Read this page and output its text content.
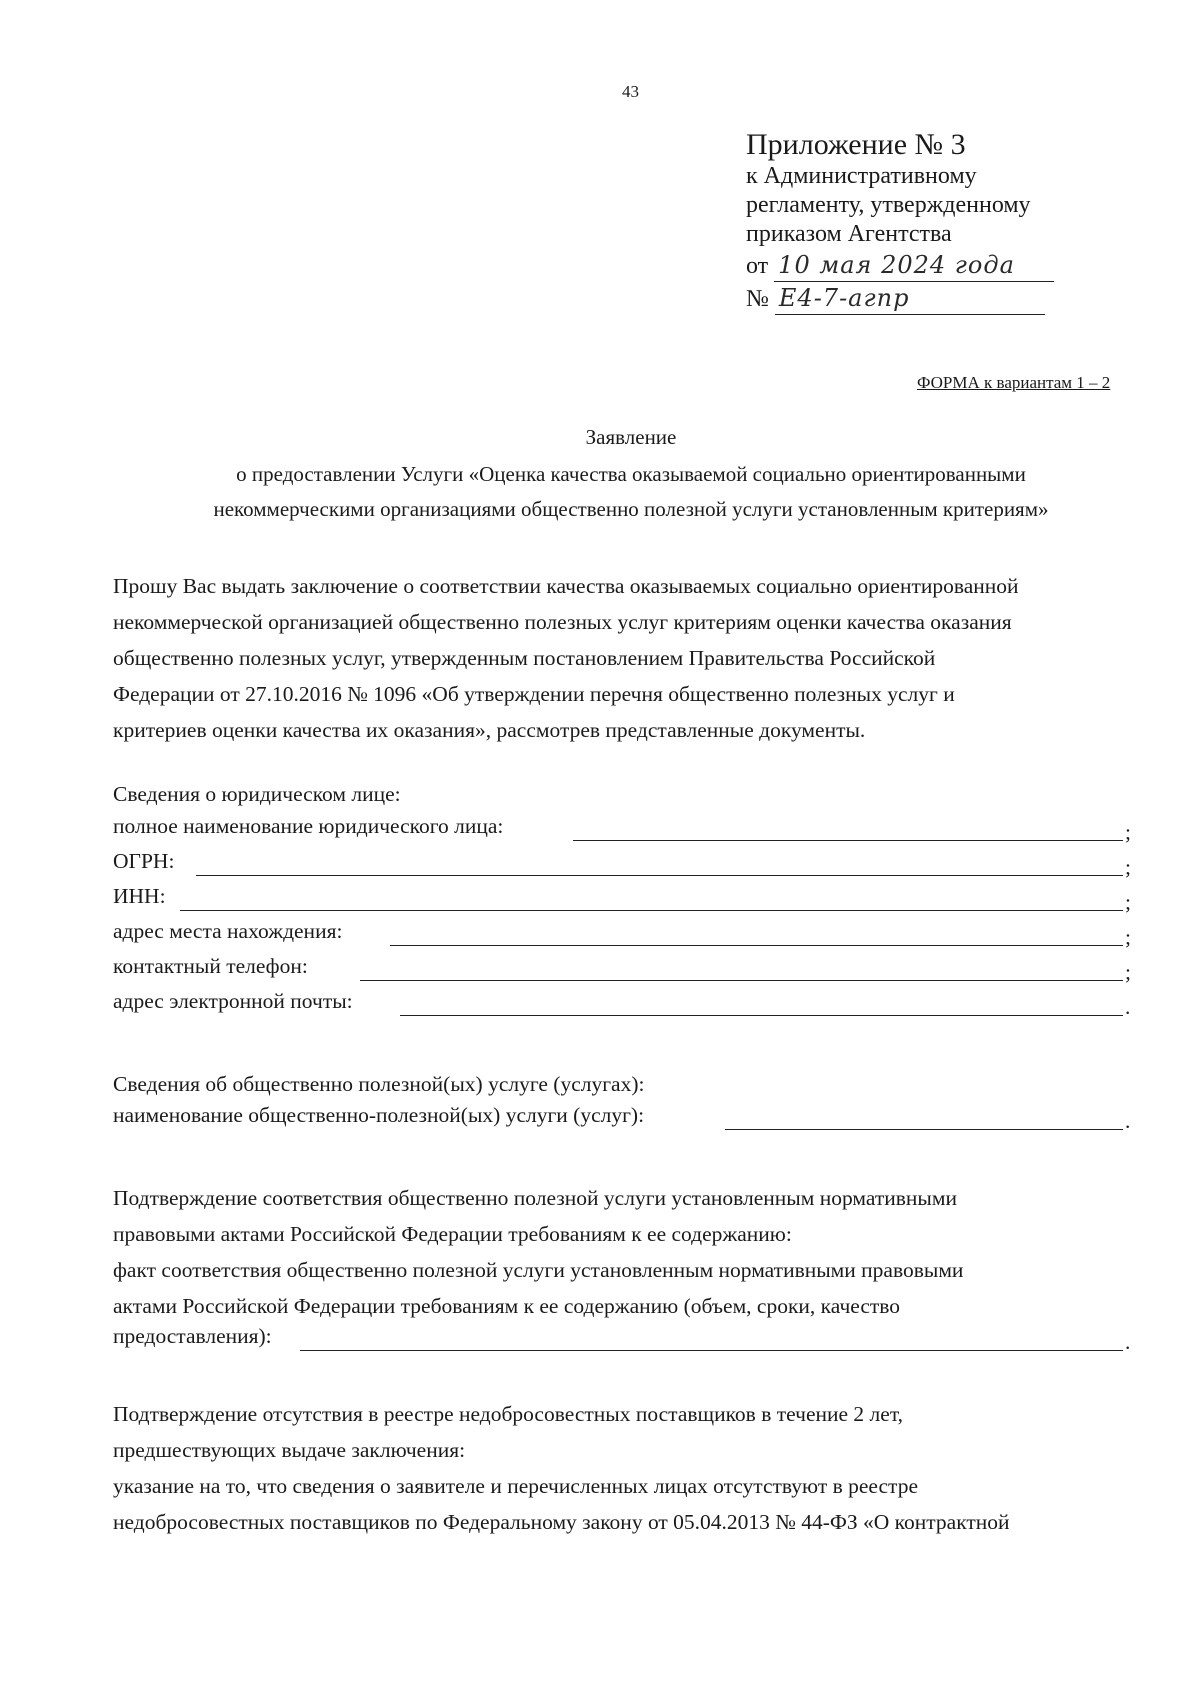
43
Приложение № 3
к Административному
регламенту, утвержденному
приказом Агентства
от 10 мая 2024 года
№ Е4-7-агпр
ФОРМА к вариантам 1 – 2
Заявление
о предоставлении Услуги «Оценка качества оказываемой социально ориентированными
некоммерческими организациями общественно полезной услуги установленным критериям»

Прошу Вас выдать заключение о соответствии качества оказываемых социально ориентированной

некоммерческой организацией общественно полезных услуг критериям оценки качества оказания

общественно полезных услуг, утвержденным постановлением Правительства Российской

Федерации от 27.10.2016 № 1096 «Об утверждении перечня общественно полезных услуг и

критериев оценки качества их оказания», рассмотрев представленные документы.

Сведения о юридическом лице:
полное наименование юридического лица:	;
ОГРН:	;
ИНН:	;
адрес места нахождения:	;
контактный телефон:	;
адрес электронной почты:	.
Сведения об общественно полезной(ых) услуге (услугах):
наименование общественно-полезной(ых) услуги (услуг):	.

Подтверждение соответствия общественно полезной услуги установленным нормативными

правовыми актами Российской Федерации требованиям к ее содержанию:

факт соответствия общественно полезной услуги установленным нормативными правовыми

актами Российской Федерации требованиям к ее содержанию (объем, сроки, качество

предоставления):	.

Подтверждение отсутствия в реестре недобросовестных поставщиков в течение 2 лет,

предшествующих выдаче заключения:

указание на то, что сведения о заявителе и перечисленных лицах отсутствуют в реестре

недобросовестных поставщиков по Федеральному закону от 05.04.2013 № 44-ФЗ «О контрактной
